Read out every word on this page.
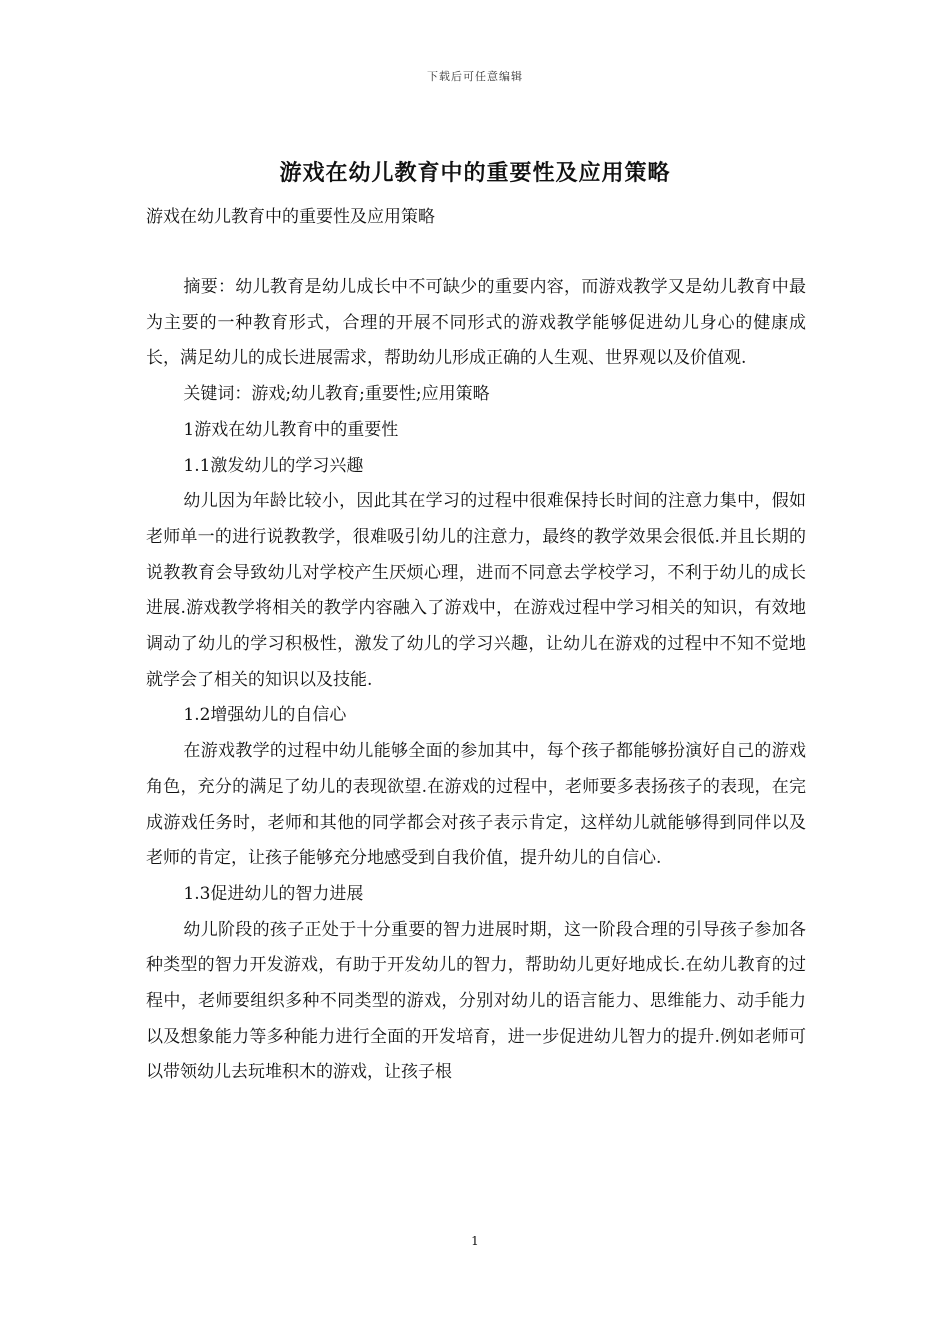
下载后可任意编辑
游戏在幼儿教育中的重要性及应用策略

游戏在幼儿教育中的重要性及应用策略

摘要：幼儿教育是幼儿成长中不可缺少的重要内容，而游戏教学又是幼儿教育中最为主要的一种教育形式，合理的开展不同形式的游戏教学能够促进幼儿身心的健康成长，满足幼儿的成长进展需求，帮助幼儿形成正确的人生观、世界观以及价值观.

关键词：游戏;幼儿教育;重要性;应用策略

1游戏在幼儿教育中的重要性

1.1激发幼儿的学习兴趣

幼儿因为年龄比较小，因此其在学习的过程中很难保持长时间的注意力集中，假如老师单一的进行说教教学，很难吸引幼儿的注意力，最终的教学效果会很低.并且长期的说教教育会导致幼儿对学校产生厌烦心理，进而不同意去学校学习，不利于幼儿的成长进展.游戏教学将相关的教学内容融入了游戏中，在游戏过程中学习相关的知识，有效地调动了幼儿的学习积极性，激发了幼儿的学习兴趣，让幼儿在游戏的过程中不知不觉地就学会了相关的知识以及技能.

1.2增强幼儿的自信心

在游戏教学的过程中幼儿能够全面的参加其中，每个孩子都能够扮演好自己的游戏角色，充分的满足了幼儿的表现欲望.在游戏的过程中，老师要多表扬孩子的表现，在完成游戏任务时，老师和其他的同学都会对孩子表示肯定，这样幼儿就能够得到同伴以及老师的肯定，让孩子能够充分地感受到自我价值，提升幼儿的自信心.

1.3促进幼儿的智力进展

幼儿阶段的孩子正处于十分重要的智力进展时期，这一阶段合理的引导孩子参加各种类型的智力开发游戏，有助于开发幼儿的智力，帮助幼儿更好地成长.在幼儿教育的过程中，老师要组织多种不同类型的游戏，分别对幼儿的语言能力、思维能力、动手能力以及想象能力等多种能力进行全面的开发培育，进一步促进幼儿智力的提升.例如老师可以带领幼儿去玩堆积木的游戏，让孩子根

1
